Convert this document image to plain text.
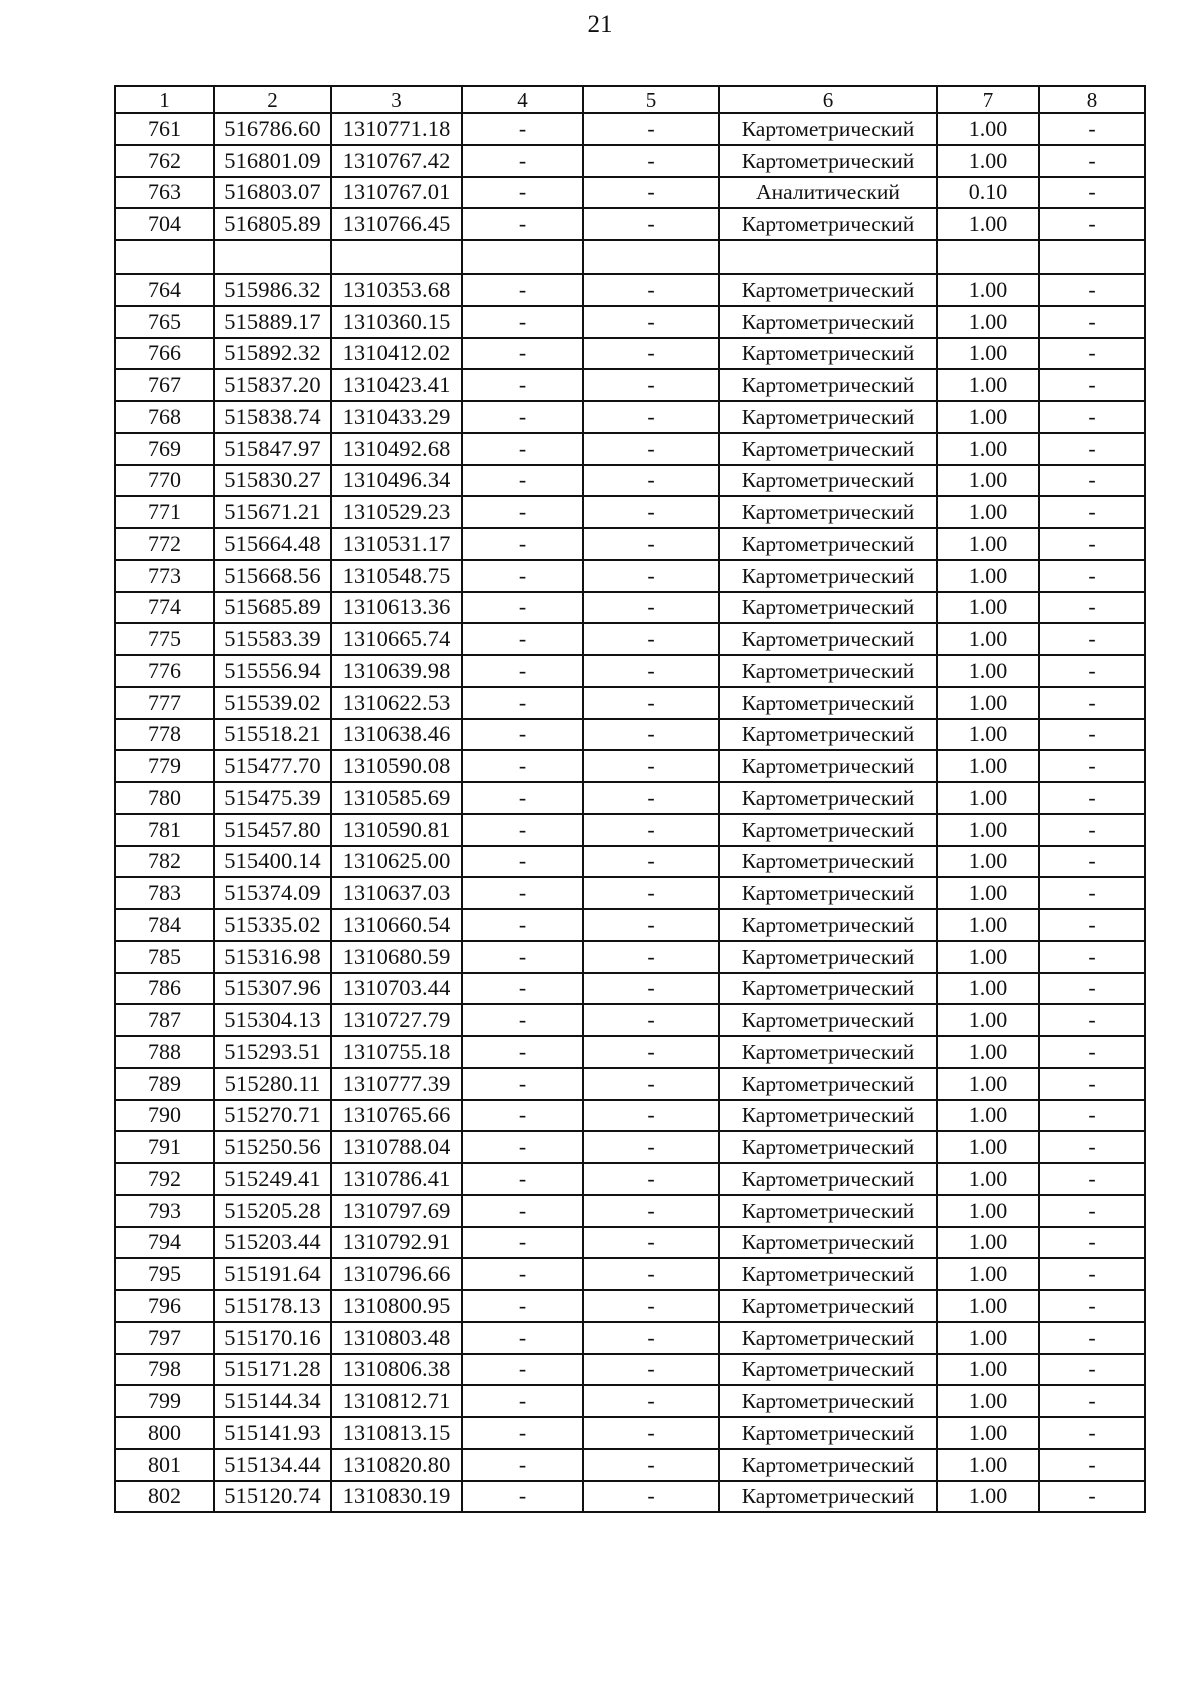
21
1	2	3	4	5	6	7	8
761	516786.60	1310771.18	-	-	Картометрический	1.00	-
762	516801.09	1310767.42	-	-	Картометрический	1.00	-
763	516803.07	1310767.01	-	-	Аналитический	0.10	-
704	516805.89	1310766.45	-	-	Картометрический	1.00	-

764	515986.32	1310353.68	-	-	Картометрический	1.00	-
765	515889.17	1310360.15	-	-	Картометрический	1.00	-
766	515892.32	1310412.02	-	-	Картометрический	1.00	-
767	515837.20	1310423.41	-	-	Картометрический	1.00	-
768	515838.74	1310433.29	-	-	Картометрический	1.00	-
769	515847.97	1310492.68	-	-	Картометрический	1.00	-
770	515830.27	1310496.34	-	-	Картометрический	1.00	-
771	515671.21	1310529.23	-	-	Картометрический	1.00	-
772	515664.48	1310531.17	-	-	Картометрический	1.00	-
773	515668.56	1310548.75	-	-	Картометрический	1.00	-
774	515685.89	1310613.36	-	-	Картометрический	1.00	-
775	515583.39	1310665.74	-	-	Картометрический	1.00	-
776	515556.94	1310639.98	-	-	Картометрический	1.00	-
777	515539.02	1310622.53	-	-	Картометрический	1.00	-
778	515518.21	1310638.46	-	-	Картометрический	1.00	-
779	515477.70	1310590.08	-	-	Картометрический	1.00	-
780	515475.39	1310585.69	-	-	Картометрический	1.00	-
781	515457.80	1310590.81	-	-	Картометрический	1.00	-
782	515400.14	1310625.00	-	-	Картометрический	1.00	-
783	515374.09	1310637.03	-	-	Картометрический	1.00	-
784	515335.02	1310660.54	-	-	Картометрический	1.00	-
785	515316.98	1310680.59	-	-	Картометрический	1.00	-
786	515307.96	1310703.44	-	-	Картометрический	1.00	-
787	515304.13	1310727.79	-	-	Картометрический	1.00	-
788	515293.51	1310755.18	-	-	Картометрический	1.00	-
789	515280.11	1310777.39	-	-	Картометрический	1.00	-
790	515270.71	1310765.66	-	-	Картометрический	1.00	-
791	515250.56	1310788.04	-	-	Картометрический	1.00	-
792	515249.41	1310786.41	-	-	Картометрический	1.00	-
793	515205.28	1310797.69	-	-	Картометрический	1.00	-
794	515203.44	1310792.91	-	-	Картометрический	1.00	-
795	515191.64	1310796.66	-	-	Картометрический	1.00	-
796	515178.13	1310800.95	-	-	Картометрический	1.00	-
797	515170.16	1310803.48	-	-	Картометрический	1.00	-
798	515171.28	1310806.38	-	-	Картометрический	1.00	-
799	515144.34	1310812.71	-	-	Картометрический	1.00	-
800	515141.93	1310813.15	-	-	Картометрический	1.00	-
801	515134.44	1310820.80	-	-	Картометрический	1.00	-
802	515120.74	1310830.19	-	-	Картометрический	1.00	-
